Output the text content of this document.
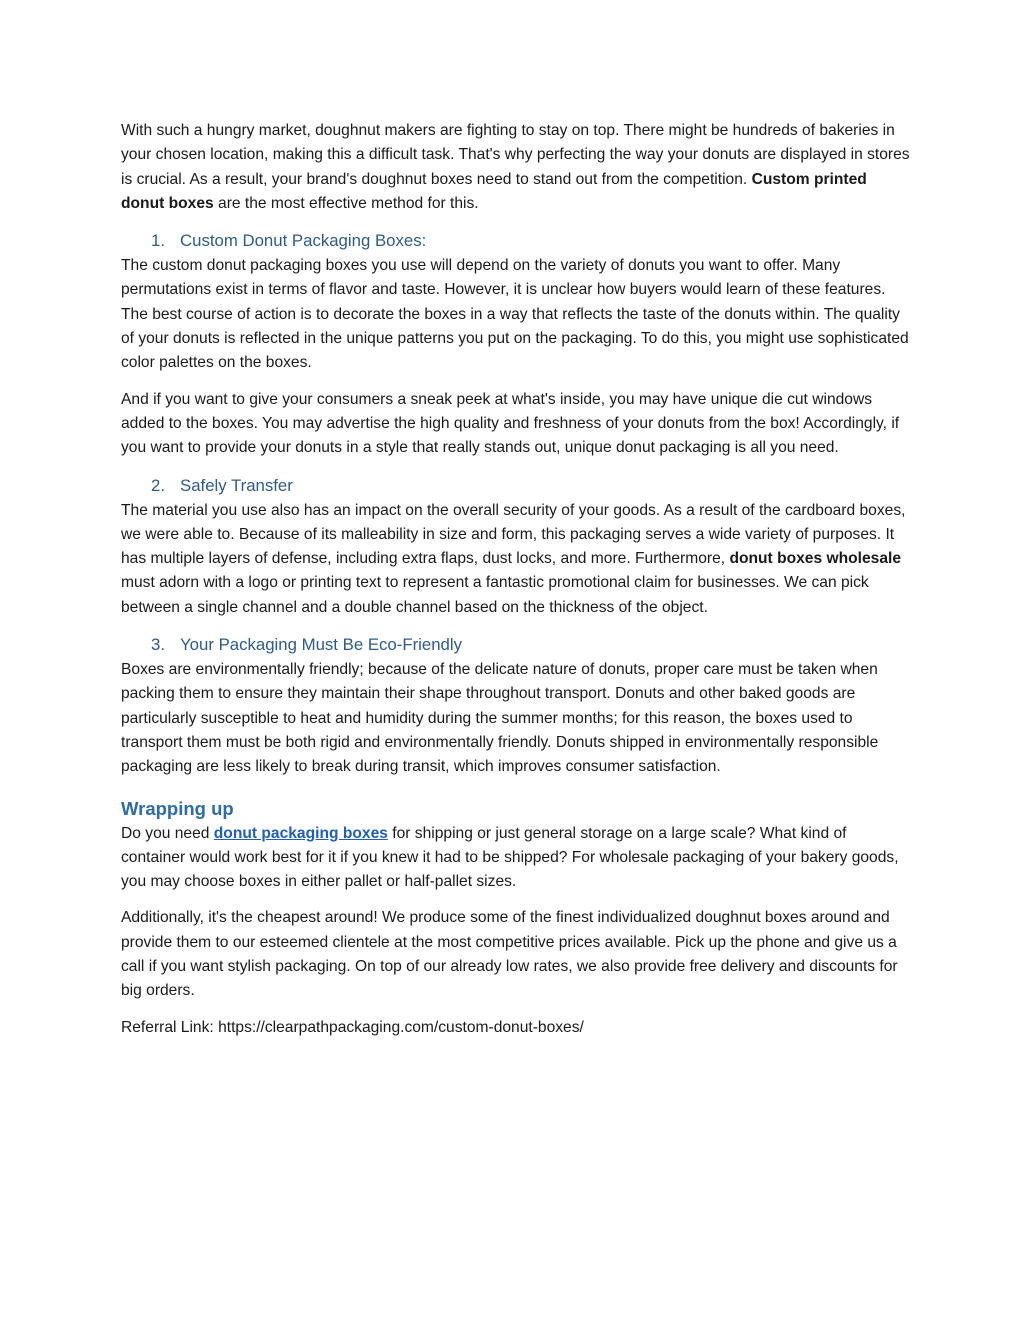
With such a hungry market, doughnut makers are fighting to stay on top. There might be hundreds of bakeries in your chosen location, making this a difficult task. That's why perfecting the way your donuts are displayed in stores is crucial. As a result, your brand's doughnut boxes need to stand out from the competition. Custom printed donut boxes are the most effective method for this.

1. Custom Donut Packaging Boxes:

The custom donut packaging boxes you use will depend on the variety of donuts you want to offer. Many permutations exist in terms of flavor and taste. However, it is unclear how buyers would learn of these features. The best course of action is to decorate the boxes in a way that reflects the taste of the donuts within. The quality of your donuts is reflected in the unique patterns you put on the packaging. To do this, you might use sophisticated color palettes on the boxes.

And if you want to give your consumers a sneak peek at what's inside, you may have unique die cut windows added to the boxes. You may advertise the high quality and freshness of your donuts from the box! Accordingly, if you want to provide your donuts in a style that really stands out, unique donut packaging is all you need.

2. Safely Transfer

The material you use also has an impact on the overall security of your goods. As a result of the cardboard boxes, we were able to. Because of its malleability in size and form, this packaging serves a wide variety of purposes. It has multiple layers of defense, including extra flaps, dust locks, and more. Furthermore, donut boxes wholesale must adorn with a logo or printing text to represent a fantastic promotional claim for businesses. We can pick between a single channel and a double channel based on the thickness of the object.

3. Your Packaging Must Be Eco-Friendly

Boxes are environmentally friendly; because of the delicate nature of donuts, proper care must be taken when packing them to ensure they maintain their shape throughout transport. Donuts and other baked goods are particularly susceptible to heat and humidity during the summer months; for this reason, the boxes used to transport them must be both rigid and environmentally friendly. Donuts shipped in environmentally responsible packaging are less likely to break during transit, which improves consumer satisfaction.

Wrapping up

Do you need donut packaging boxes for shipping or just general storage on a large scale? What kind of container would work best for it if you knew it had to be shipped? For wholesale packaging of your bakery goods, you may choose boxes in either pallet or half-pallet sizes.

Additionally, it's the cheapest around! We produce some of the finest individualized doughnut boxes around and provide them to our esteemed clientele at the most competitive prices available. Pick up the phone and give us a call if you want stylish packaging. On top of our already low rates, we also provide free delivery and discounts for big orders.

Referral Link: https://clearpathpackaging.com/custom-donut-boxes/
